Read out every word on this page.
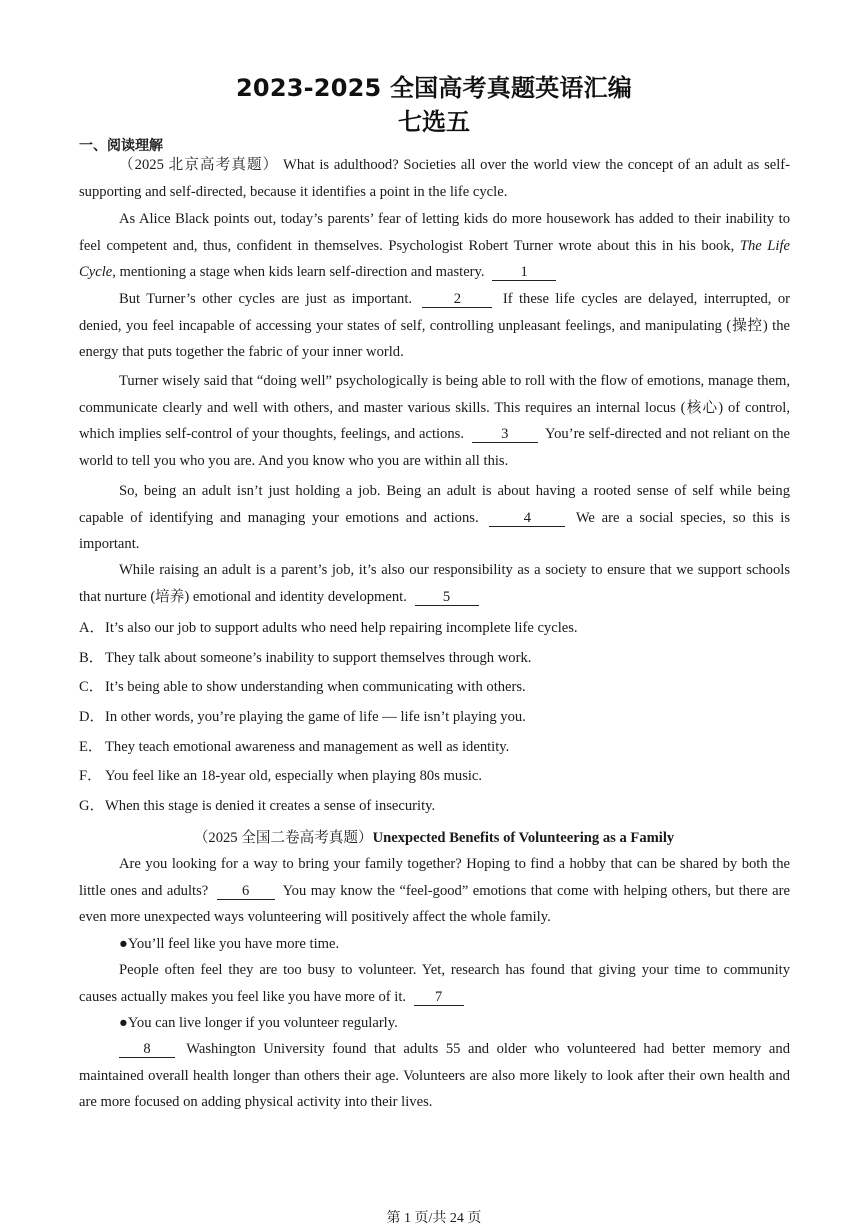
2023-2025 全国高考真题英语汇编
七选五
一、阅读理解
（2025 北京高考真题） What is adulthood? Societies all over the world view the concept of an adult as self-supporting and self-directed, because it identifies a point in the life cycle.
As Alice Black points out, today’s parents’ fear of letting kids do more housework has added to their inability to feel competent and, thus, confident in themselves. Psychologist Robert Turner wrote about this in his book, The Life Cycle, mentioning a stage when kids learn self-direction and mastery. 1
But Turner’s other cycles are just as important.	2	If these life cycles are delayed, interrupted, or denied, you feel incapable of accessing your states of self, controlling unpleasant feelings, and manipulating (操控) the energy that puts together the fabric of your inner world.
Turner wisely said that “doing well” psychologically is being able to roll with the flow of emotions, manage them, communicate clearly and well with others, and master various skills. This requires an internal locus (核心) of control, which implies self-control of your thoughts, feelings, and actions.	3	You’re self-directed and not reliant on the world to tell you who you are. And you know who you are within all this.
So, being an adult isn’t just holding a job. Being an adult is about having a rooted sense of self while being capable of identifying and managing your emotions and actions.	4	We are a social species, so this is important.
While raising an adult is a parent’s job, it’s also our responsibility as a society to ensure that we support schools that nurture (培养) emotional and identity development. 5
A．It’s also our job to support adults who need help repairing incomplete life cycles.
B． They talk about someone’s inability to support themselves through work.
C． It’s being able to show understanding when communicating with others.
D．In other words, you’re playing the game of life — life isn’t playing you.
E． They teach emotional awareness and management as well as identity.
F． You feel like an 18-year old, especially when playing 80s music.
G．When this stage is denied it creates a sense of insecurity.
（2025 全国二卷高考真题）Unexpected Benefits of Volunteering as a Family
Are you looking for a way to bring your family together? Hoping to find a hobby that can be shared by both the little ones and adults? 6 You may know the “feel-good” emotions that come with helping others, but there are even more unexpected ways volunteering will positively affect the whole family.
●You’ll feel like you have more time.
People often feel they are too busy to volunteer. Yet, research has found that giving your time to community causes actually makes you feel like you have more of it. 7
●You can live longer if you volunteer regularly.
8 Washington University found that adults 55 and older who volunteered had better memory and maintained overall health longer than others their age. Volunteers are also more likely to look after their own health and are more focused on adding physical activity into their lives.
第 1 页/共 24 页
